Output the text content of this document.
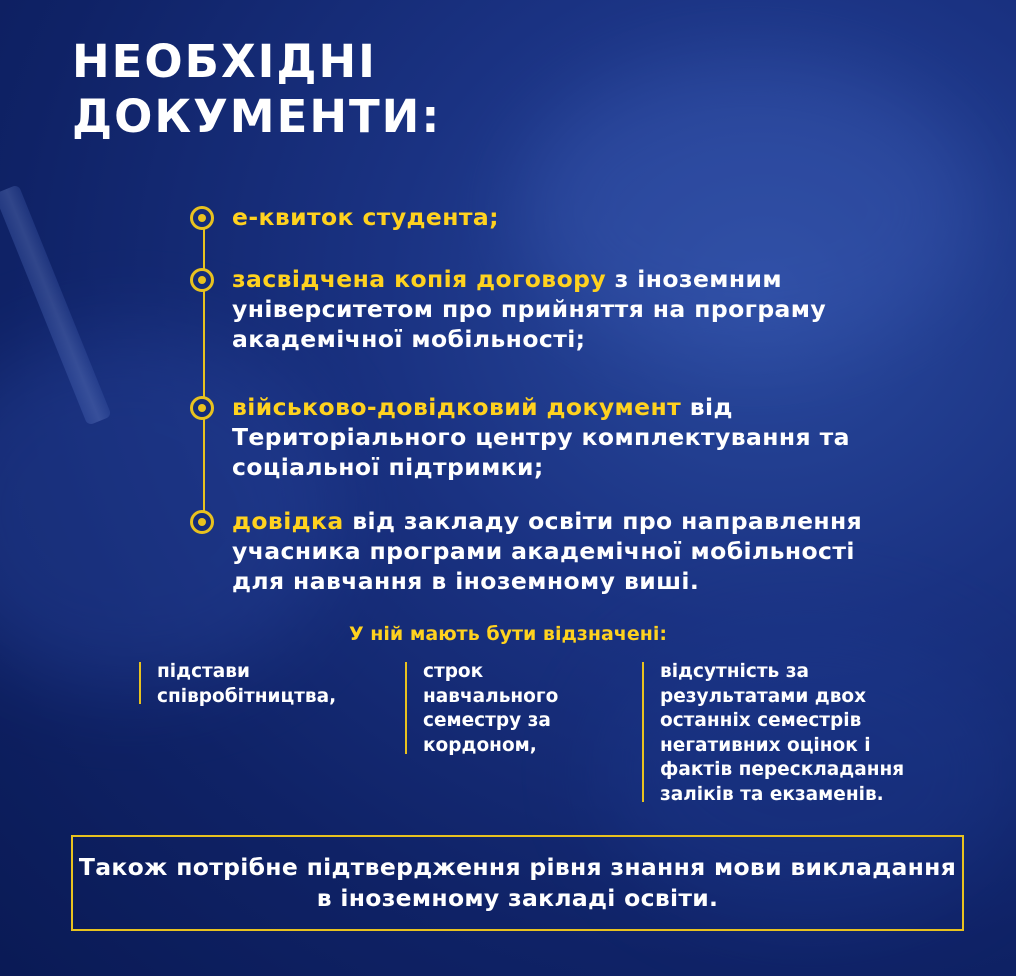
НЕОБХІДНІ
ДОКУМЕНТИ:
е-квиток студента;
засвідчена копія договору з іноземним університетом про прийняття на програму академічної мобільності;
військово-довідковий документ від Територіального центру комплектування та соціальної підтримки;
довідка від закладу освіти про направлення учасника програми академічної мобільності для навчання в іноземному виші.
У ній мають бути відзначені:
підстави
співробітництва,
строк
навчального
семестру за
кордоном,
відсутність за
результатами двох
останніх семестрів
негативних оцінок і
фактів перескладання
заліків та екзаменів.
Також потрібне підтвердження рівня знання мови викладання в іноземному закладі освіти.
